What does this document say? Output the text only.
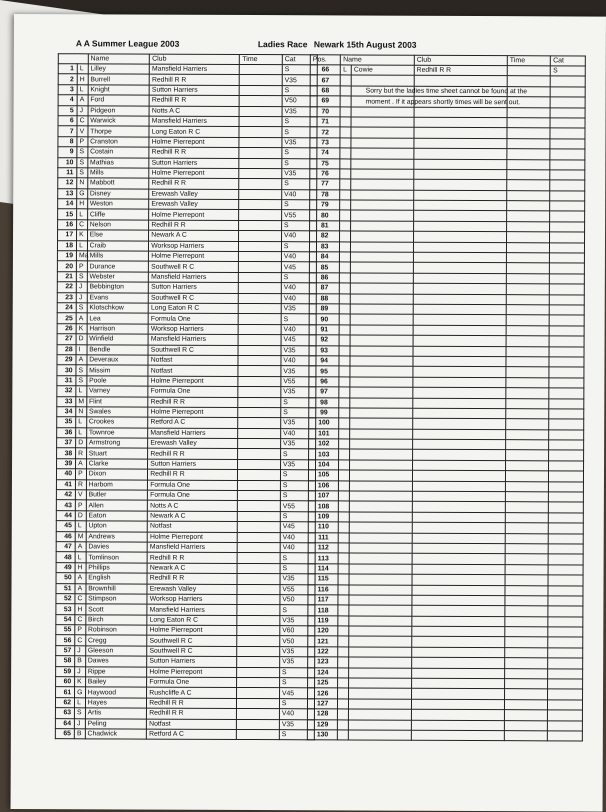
A A Summer League 2003	Ladies Race Newark 15th August 2003
		Name	Club	Time	Cat
1	L	Lilley	Mansfield Harriers		S
2	H	Burrell	Redhill R R		V35
3	L	Knight	Sutton Harriers		S
4	A	Ford	Redhill R R		V50
5	J	Pidgeon	Notts A C		V35
6	C	Warwick	Mansfield Harriers		S
7	V	Thorpe	Long Eaton R C		S
8	P	Cranston	Holme Pierrepont		V35
9	S	Costain	Redhill R R		S
10	S	Mathias	Sutton Harriers		S
11	S	Mills	Holme Pierrepont		V35
12	N	Mabbott	Redhill R R		S
13	G	Disney	Erewash Valley		V40
14	H	Weston	Erewash Valley		S
15	L	Cliffe	Holme Pierrepont		V55
16	C	Nelson	Redhill R R		S
17	K	Else	Newark A C		V40
18	L	Craib	Worksop Harriers		S
19	Ma	Mills	Holme Pierrepont		V40
20	P	Durance	Southwell R C		V45
21	S	Webster	Mansfield Harriers		S
22	J	Bebbington	Sutton Harriers		V40
23	J	Evans	Southwell R C		V40
24	S	Klotschkow	Long Eaton R C		V35
25	A	Lea	Formula One		S
26	K	Harrison	Worksop Harriers		V40
27	D	Winfield	Mansfield Harriers		V45
28	I	Bendle	Southwell R C		V35
29	A	Deveraux	Notfast		V40
30	S	Missim	Notfast		V35
31	S	Poole	Holme Pierrepont		V55
32	L	Varney	Formula One		V35
33	M	Flint	Redhill R R		S
34	N	Swales	Holme Pierrepont		S
35	L	Crookes	Retford A C		V35
36	L	Townroe	Mansfield Harriers		V40
37	D	Armstrong	Erewash Valley		V35
38	R	Stuart	Redhill R R		S
39	A	Clarke	Sutton Harriers		V35
40	P	Dixon	Redhill R R		S
41	R	Harbom	Formula One		S
42	V	Butler	Formula One		S
43	P	Allen	Notts A C		V55
44	D	Eaton	Newark A C		S
45	L	Upton	Notfast		V45
46	M	Andrews	Holme Pierrepont		V40
47	A	Davies	Mansfield Harriers		V40
48	L	Tomlinson	Redhill R R		S
49	H	Phillips	Newark A C		S
50	A	English	Redhill R R		V35
51	A	Brownhill	Erewash Valley		V55
52	C	Stimpson	Worksop Harriers		V50
53	H	Scott	Mansfield Harriers		S
54	C	Birch	Long Eaton R C		V35
55	P	Robinson	Holme Pierrepont		V60
56	C	Cregg	Southwell R C		V50
57	J	Gleeson	Southwell R C		V35
58	B	Dawes	Sutton Harriers		V35
59	J	Rippe	Holme Pierrepont		S
60	K	Bailey	Formula One		S
61	G	Haywood	Rushcliffe A C		V45
62	L	Hayes	Redhill R R		S
63	S	Artis	Redhill R R		V40
64	J	Peling	Notfast		V35
65	B	Chadwick	Retford A C		S
Pos.	Name		Club	Time	Cat
66	L	Cowie	Redhill R R		S
67					
68					
69					
70					
71					
72					
73					
74					
75					
76					
77					
78					
79					
80					
81					
82					
83					
84					
85					
86					
87					
88					
89					
90					
91					
92					
93					
94					
95					
96					
97					
98					
99					
100					
101					
102					
103					
104					
105					
106					
107					
108					
109					
110					
111					
112					
113					
114					
115					
116					
117					
118					
119					
120					
121					
122					
123					
124					
125					
126					
127					
128					
129					
130					
Sorry but the ladies time sheet cannot be found at the
moment . If it appears shortly times will be sent out.
